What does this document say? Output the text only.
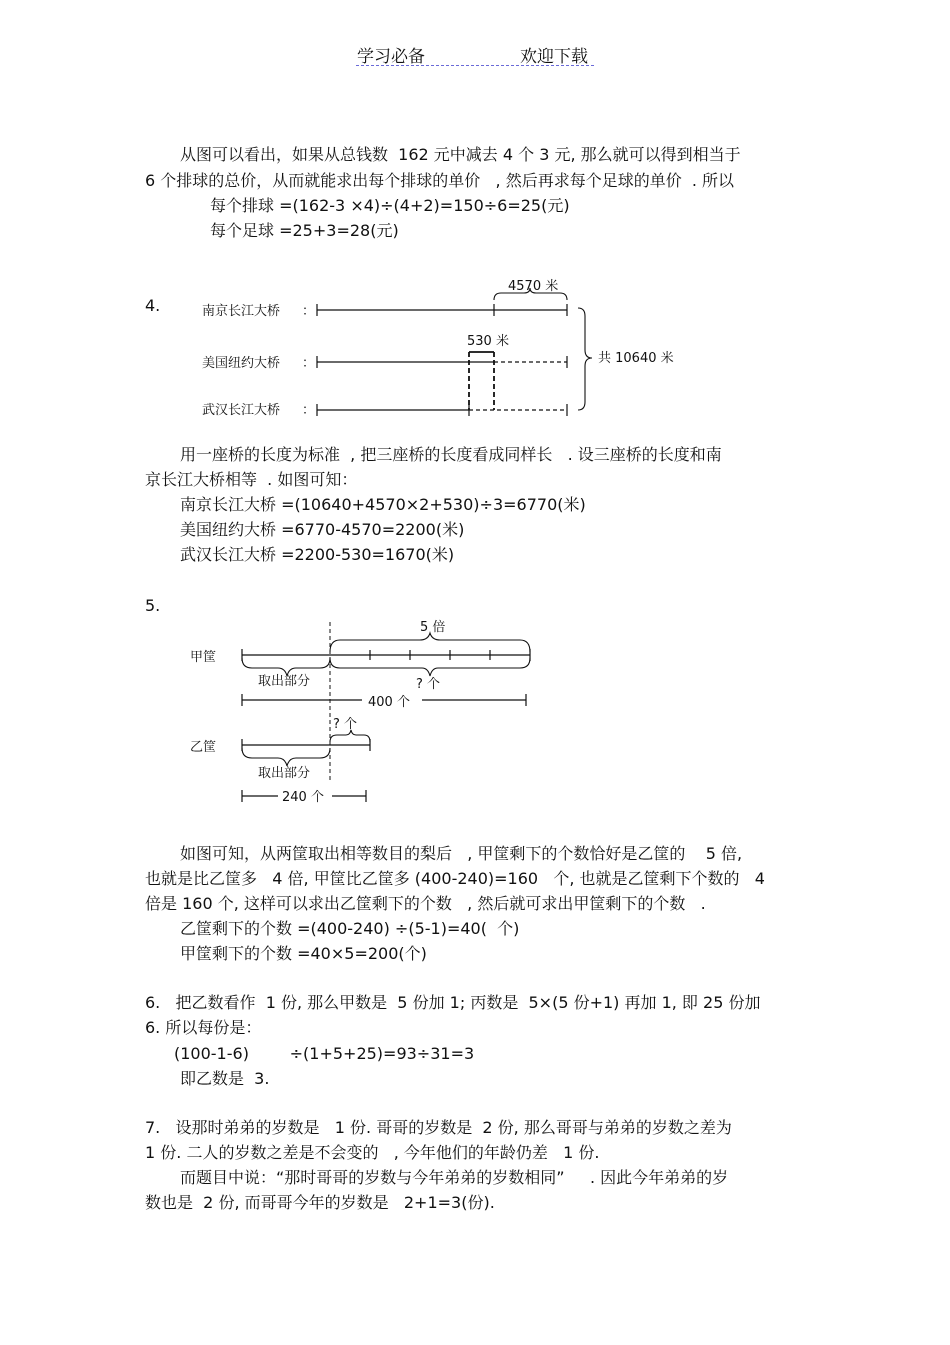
学习必备	欢迎下载
从图可以看出，如果从总钱数  162 元中减去 4 个 3 元, 那么就可以得到相当于
6 个排球的总价，从而就能求出每个排球的单价   , 然后再求每个足球的单价  . 所以
每个排球 =(162-3 ×4)÷(4+2)=150÷6=25(元)
每个足球 =25+3=28(元)
4.	南京长江大桥
美国纽约大桥
武汉长江大桥
：
：
：
4570 米
530 米
共 10640 米
用一座桥的长度为标准  , 把三座桥的长度看成同样长   . 设三座桥的长度和南
京长江大桥相等  . 如图可知：
南京长江大桥 =(10640+4570×2+530)÷3=6770(米)
美国纽约大桥 =6770-4570=2200(米)
武汉长江大桥 =2200-530=1670(米)
5.
甲筐
乙筐
5 倍
取出部分	? 个
400 个
? 个
取出部分
240 个
如图可知，从两筐取出相等数目的梨后   , 甲筐剩下的个数恰好是乙筐的    5 倍,
也就是比乙筐多   4 倍, 甲筐比乙筐多 (400-240)=160   个, 也就是乙筐剩下个数的   4
倍是 160 个, 这样可以求出乙筐剩下的个数   , 然后就可求出甲筐剩下的个数   .
乙筐剩下的个数 =(400-240) ÷(5-1)=40(  个)
甲筐剩下的个数 =40×5=200(个)
6.   把乙数看作  1 份, 那么甲数是  5 份加 1; 丙数是  5×(5 份+1) 再加 1, 即 25 份加
6. 所以每份是：
(100-1-6)        ÷(1+5+25)=93÷31=3
即乙数是  3.
7.   设那时弟弟的岁数是   1 份. 哥哥的岁数是  2 份, 那么哥哥与弟弟的岁数之差为
1 份. 二人的岁数之差是不会变的   , 今年他们的年龄仍差   1 份.
而题目中说：“那时哥哥的岁数与今年弟弟的岁数相同”     . 因此今年弟弟的岁
数也是  2 份, 而哥哥今年的岁数是   2+1=3(份).
